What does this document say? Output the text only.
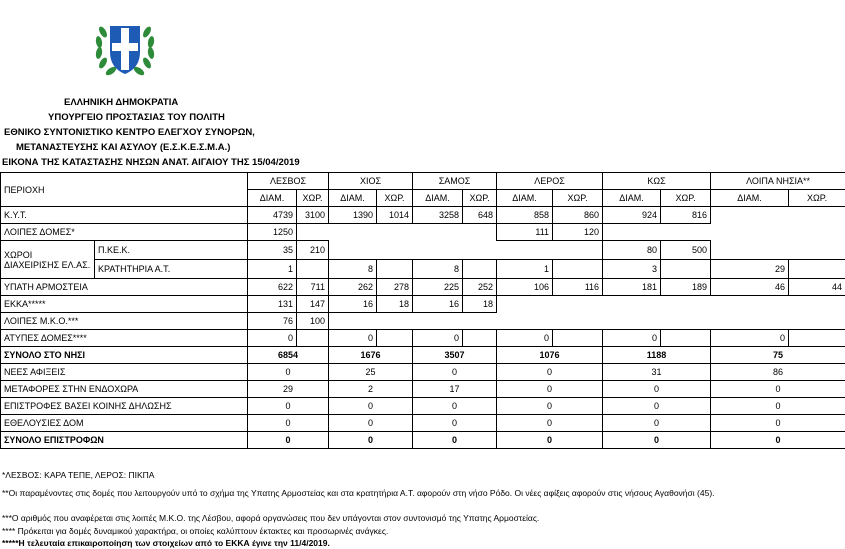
ΕΛΛΗΝΙΚΗ ΔΗΜΟΚΡΑΤΙΑ
ΥΠΟΥΡΓΕΙΟ ΠΡΟΣΤΑΣΙΑΣ ΤΟΥ ΠΟΛΙΤΗ
ΕΘΝΙΚΟ ΣΥΝΤΟΝΙΣΤΙΚΟ ΚΕΝΤΡΟ ΕΛΕΓΧΟΥ ΣΥΝΟΡΩΝ,
ΜΕΤΑΝΑΣΤΕΥΣΗΣ ΚΑΙ ΑΣΥΛΟΥ (Ε.Σ.Κ.Ε.Σ.Μ.Α.)
ΕΙΚΟΝΑ ΤΗΣ ΚΑΤΑΣΤΑΣΗΣ ΝΗΣΩΝ ΑΝΑΤ. ΑΙΓΑΙΟΥ ΤΗΣ 15/04/2019
ΠΕΡΙΟΧΗ		ΛΕΣΒΟΣ		ΧΙΟΣ		ΣΑΜΟΣ		ΛΕΡΟΣ		ΚΩΣ		ΛΟΙΠΑ ΝΗΣΙΑ**	
		ΔΙΑΜ.	ΧΩΡ.	ΔΙΑΜ.	ΧΩΡ.	ΔΙΑΜ.	ΧΩΡ.	ΔΙΑΜ.	ΧΩΡ.	ΔΙΑΜ.	ΧΩΡ.	ΔΙΑΜ.	ΧΩΡ.
Κ.Υ.Τ.		4739	3100	1390	1014	3258	648	858	860	924	816		
ΛΟΙΠΕΣ ΔΟΜΕΣ*		1250						111	120				

ΧΩΡΟΙ
ΔΙΑΧΕΙΡΙΣΗΣ ΕΛ.ΑΣ.	Π.ΚΕ.Κ.	35	210							80	500		
	ΚΡΑΤΗΤΗΡΙΑ Α.Τ.	1		8		8		1		3		29	
ΥΠΑΤΗ ΑΡΜΟΣΤΕΙΑ		622	711	262	278	225	252	106	116	181	189	46	44
ΕΚΚΑ*****		131	147	16	18	16	18						
ΛΟΙΠΕΣ Μ.Κ.Ο.***		76	100										
ΑΤΥΠΕΣ ΔΟΜΕΣ****		0		0		0		0		0		0	
ΣΥΝΟΛΟ ΣΤΟ ΝΗΣΙ		6854		1676		3507		1076		1188		75	
ΝΕΕΣ ΑΦΙΞΕΙΣ		0		25		0		0		31		86	
ΜΕΤΑΦΟΡΕΣ ΣΤΗΝ ΕΝΔΟΧΩΡΑ		29		2		17		0		0		0	
ΕΠΙΣΤΡΟΦΕΣ ΒΑΣΕΙ ΚΟΙΝΗΣ ΔΗΛΩΣΗΣ		0		0		0		0		0		0	
ΕΘΕΛΟΥΣΙΕΣ ΔΟΜ		0		0		0		0		0		0	
ΣΥΝΟΛΟ ΕΠΙΣΤΡΟΦΩΝ		0		0		0		0		0		0	
*ΛΕΣΒΟΣ: ΚΑΡΑ ΤΕΠΕ, ΛΕΡΟΣ: ΠΙΚΠΑ
**Οι παραμένοντες στις δομές που λειτουργούν υπό το σχήμα της Υπατης Αρμοστείας και στα κρατητήρια Α.Τ. αφορούν στη νήσο Ρόδο. Οι νέες αφίξεις αφορούν στις νήσους Αγαθονήσι (45).
***Ο αριθμός που αναφέρεται στις λοιπές Μ.Κ.Ο. της Λέσβου, αφορά οργανώσεις που δεν υπάγονται στον συντονισμό της Υπατης Αρμοστείας.
**** Πρόκειται για δομές δυναμικού χαρακτήρα, οι οποίες καλύπτουν έκτακτες και προσωρινές ανάγκες.
*****Η τελευταία επικαιροποίηση των στοιχείων από το ΕΚΚΑ έγινε την 11/4/2019.
